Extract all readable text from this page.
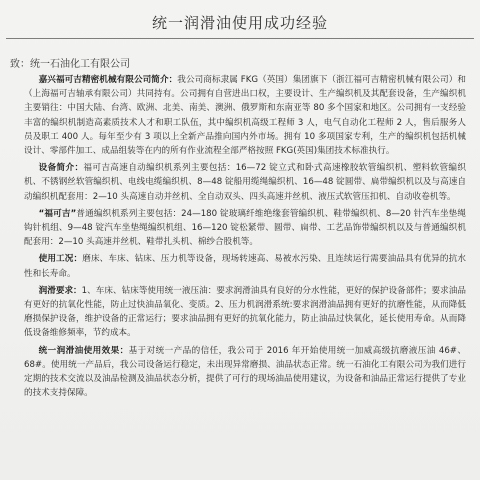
统一润滑油使用成功经验
致：统一石油化工有限公司

嘉兴福可吉精密机械有限公司简介：我公司商标隶属 FKG（英国）集团旗下（浙江福可吉精密机械有限公司）和（上海福可吉轴承有限公司）共同持有。公司拥有自营进出口权，主要设计、生产编织机及其配套设备，生产编织机主要销往：中国大陆、台湾、欧洲、北美、南美、澳洲、俄罗斯和东南亚等 80 多个国家和地区。公司拥有一支经验丰富的编织机制造高素质技术人才和职工队伍，其中编织机高级工程师 3 人，电气自动化工程师 2 人，售后服务人员及职工 400 人。每年至少有 3 项以上全新产品推向国内外市场。拥有 10 多项国家专利，生产的编织机包括机械设计、零部件加工、成品组装等在内的所有作业流程全部严格按照 FKG(英国)集团技术标准执行。

设备简介：福可吉高速自动编织机系列主要包括：16—72 锭立式和卧式高速橡胶软管编织机、塑料软管编织机、不锈钢丝软管编织机、电线电缆编织机、8—48 锭船用缆绳编织机、16—48 锭圆带、扁带编织机以及与高速自动编织机配套用：2—10 头高速自动并丝机、全自动双头、四头高速并丝机、液压式软管压扣机、自动收卷机等。

“福可吉”普通编织机系列主要包括：24—180 锭玻璃纤维绝缘套管编织机、鞋带编织机、8—20 针汽车坐垫绳钩针机组、9—48 锭汽车坐垫绳编织机组、16—120 锭松紧带、圆带、扁带、工艺品饰带编织机以及与普通编织机配套用：2—10 头高速并丝机、鞋带扎头机、棉纱合股机等。

使用工况：磨床、车床、钻床、压力机等设备，现场转速高、易被水污染、且连续运行需要油品具有优异的抗水性和长寿命。

润滑要求：1、车床、钻床等使用统一液压油：要求润滑油具有良好的分水性能，更好的保护设备部件；要求油品有更好的抗氧化性能，防止过快油品氧化、变质。2、压力机润滑系统:要求润滑油品拥有更好的抗磨性能，从而降低磨损保护设备，维护设备的正常运行；要求油品拥有更好的抗氧化能力，防止油品过快氧化，延长使用寿命。从而降低设备维修频率，节约成本。

统一润滑油使用效果：基于对统一产品的信任，我公司于 2016 年开始使用统一加威高级抗磨液压油 46#、68#。使用统一产品后，我公司设备运行稳定，未出现异常磨损、油品状态正常。统一石油化工有限公司为我们进行定期的技术交流以及油品检测及油品状态分析，提供了可行的现场油品使用建议，为设备和油品正常运行提供了专业的技术支持保障。
